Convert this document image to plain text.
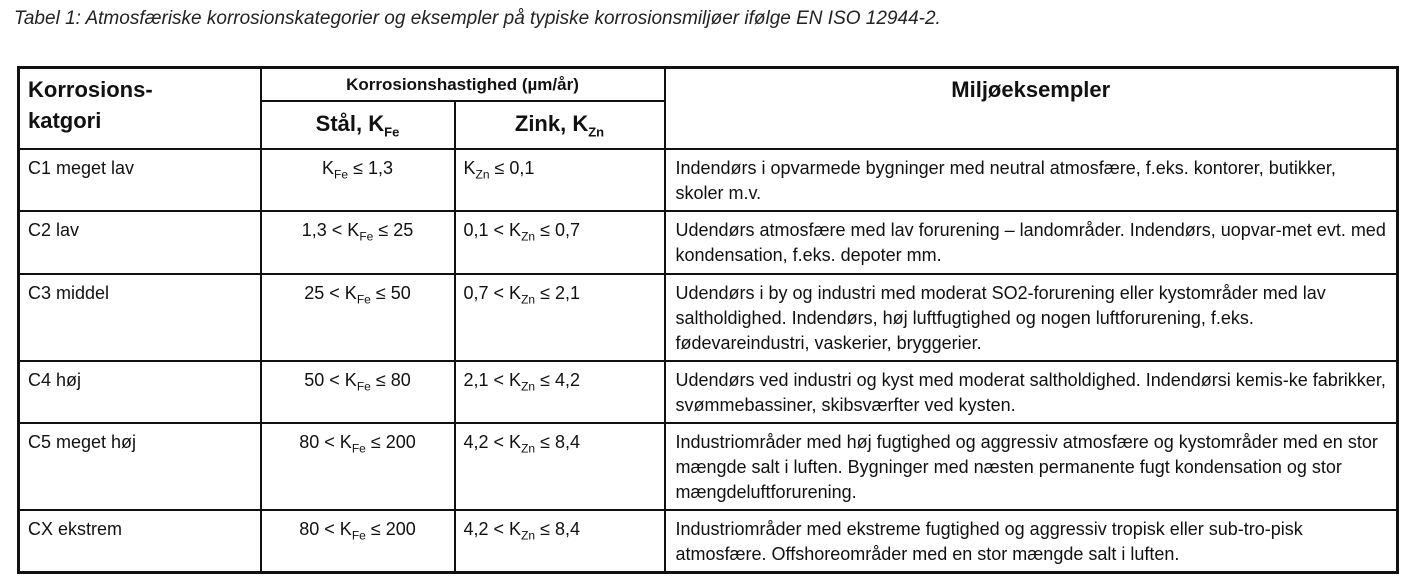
Tabel 1: Atmosfæriske korrosionskategorier og eksempler på typiske korrosionsmiljøer ifølge EN ISO 12944-2.
Korrosions-
katgori	Korrosionshastighed (µm/år)		Miljøeksempler
	Stål, $K_{Fe}$	Zink, $K_{Zn}$
C1 meget lav	$K_{Fe} \le 1,3$	$K_{Zn} \le 0,1$	Indendørs i opvarmede bygninger med neutral atmosfære, f.eks. kontorer, butikker, skoler m.v.
C2 lav	$1,3 < K_{Fe} \le 25$	$0,1 < K_{Zn} \le 0,7$	Udendørs atmosfære med lav forurening – landområder. Indendørs, uopvar-met evt. med kondensation, f.eks. depoter mm.
C3 middel	$25 < K_{Fe} \le 50$	$0,7 < K_{Zn} \le 2,1$	Udendørs i by og industri med moderat SO2-forurening eller kystområder med lav saltholdighed. Indendørs, høj luftfugtighed og nogen luftforurening, f.eks. fødevareindustri, vaskerier, bryggerier.
C4 høj	$50 < K_{Fe} \le 80$	$2,1 < K_{Zn} \le 4,2$	Udendørs ved industri og kyst med moderat saltholdighed. Indendørsi kemis-ke fabrikker, svømmebassiner, skibsværfter ved kysten.
C5 meget høj	$80 < K_{Fe} \le 200$	$4,2 < K_{Zn} \le 8,4$	Industriområder med høj fugtighed og aggressiv atmosfære og kystområder med en stor mængde salt i luften. Bygninger med næsten permanente fugt kondensation og stor mængdeluftforurening.
CX ekstrem	$80 < K_{Fe} \le 200$	$4,2 < K_{Zn} \le 8,4$	Industriområder med ekstreme fugtighed og aggressiv tropisk eller sub-tro-pisk atmosfære. Offshoreområder med en stor mængde salt i luften.
